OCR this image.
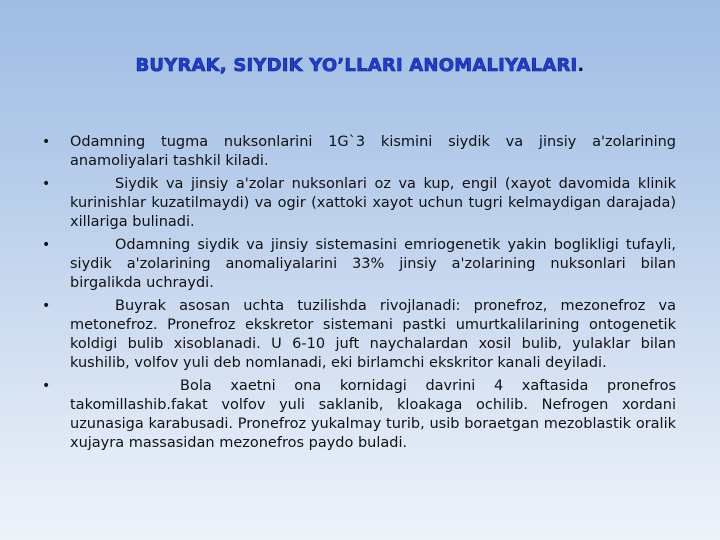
BUYRAK, SIYDIK YO’LLARI ANOMALIYALARI.
• Odamning tugma nuksonlarini 1G`3 kismini siydik va jinsiy a'zolarining anamoliyalari tashkil kiladi.
•	Siydik va jinsiy a'zolar nuksonlari oz va kup, engil (xayot davomida klinik kurinishlar kuzatilmaydi) va ogir (xattoki xayot uchun tugri kelmaydigan darajada) xillariga bulinadi.
•	Odamning siydik va jinsiy sistemasini emriogenetik yakin boglikligi tufayli, siydik a'zolarining anomaliyalarini 33% jinsiy a'zolarining nuksonlari bilan birgalikda uchraydi.
•	Buyrak asosan uchta tuzilishda rivojlanadi: pronefroz, mezonefroz va metonefroz. Pronefroz ekskretor sistemani pastki umurtkalilarining ontogenetik koldigi bulib xisoblanadi. U 6-10 juft naychalardan xosil bulib, yulaklar bilan kushilib, volfov yuli deb nomlanadi, eki birlamchi ekskritor kanali deyiladi.
•	Bola xaetni ona kornidagi davrini 4 xaftasida pronefros takomillashib.fakat volfov yuli saklanib, kloakaga ochilib. Nefrogen xordani uzunasiga karabusadi. Pronefroz yukalmay turib, usib boraetgan mezoblastik oralik xujayra massasidan mezonefros paydo buladi.
